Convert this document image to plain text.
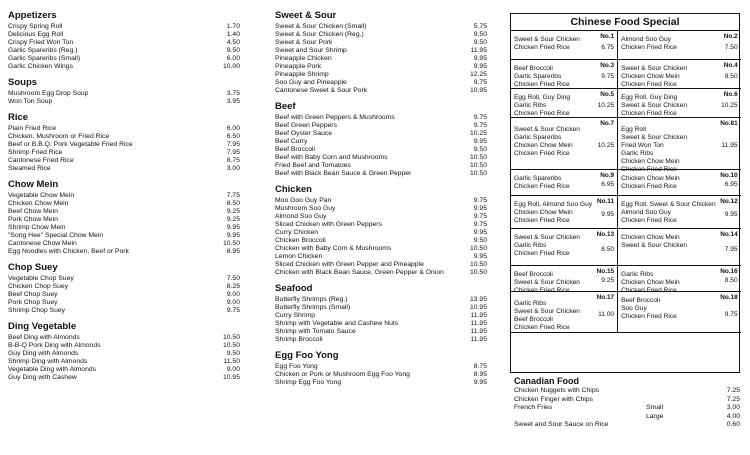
Appetizers
Crispy Spring Roll	1.70
Delicious Egg Roll	1.40
Crispy Fried Won Ton	4.50
Garlic Spareribs (Reg.)	9.50
Garlic Spareribs (Small)	6.00
Garlic Chicken Wings	10.00
Soups
Mushroom Egg Drop Soup	3.75
Won Ton Soup	3.95
Rice
Plain Fried Rice	6.00
Chicken, Mushroom or Fried Rice	6.50
Beef or B.B.Q. Pork Vegetable Fried Rice	7.95
Shrimp Fried Rice	7.95
Cantonese Fried Rice	8.75
Steamed Rice	3.00
Chow Mein
Vegetable Chow Mein	7.75
Chicken Chow Mein	8.50
Beef Chow Mein	9.25
Pork Chow Mein	9.25
Shrimp Chow Mein	9.95
"Song Hee" Special Chow Mein	9.95
Cantonese Chow Mein	10.50
Egg Noodles with Chicken, Beef or Pork	8.95
Chop Suey
Vegetable Chop Suey	7.50
Chicken Chop Suey	8.25
Beef Chop Suey	9.00
Pork Chop Suey	9.00
Shrimp Chop Suey	9.75
Ding Vegetable
Beef Ding with Almonds	10.50
B-B-Q Pork Ding with Almonds	10.50
Guy Ding with Almonds	9.50
Shrimp Ding with Almonds	11.50
Vegetable Ding with Almonds	9.00
Guy Ding with Cashew	10.95
Sweet & Sour
Sweet & Sour Chicken (Small)	5.75
Sweet & Sour Chicken (Reg.)	9.50
Sweet & Sour Pork	9.50
Sweet and Sour Shrimp	11.95
Pineapple Chicken	9.95
Pineapple Pork	9.95
Pineapple Shrimp	12.25
Soo Guy and Pineapple	9.75
Cantonese Sweet & Sour Pork	10.95
Beef
Beef with Green Peppers & Mushrooms	9.75
Beef Green Peppers	9.75
Beef Oyster Sauce	10.25
Beef Curry	9.95
Beef Broccoli	9.50
Beef with Baby Corn and Mushrooms	10.50
Fried Beef and Tomatoes	10.50
Beef with Black Bean Sauce & Green Pepper	10.50
Chicken
Moo Goo Guy Pan	9.75
Mushroom Soo Guy	9.95
Almond Soo Guy	9.75
Sliced Chicken with Green Peppers	9.75
Curry Chicken	9.95
Chicken Broccoli	9.50
Chicken with Baby Corn & Mushrooms	10.50
Lemon Chicken	9.95
Sliced Chicken with Green Pepper and Pineapple	10.50
Chicken with Black Bean Sauce, Green Pepper & Onion	10.50
Seafood
Butterfly Shrimps (Reg.)	13.95
Butterfly Shrimps (Small)	10.95
Curry Shrimp	11.95
Shrimp with Vegetable and Cashew Nuts	11.95
Shrimp with Tomato Sauce	11.95
Shrimp Broccoli	11.95
Egg Foo Yong
Egg Foo Yong	8.75
Chicken or Pork or Mushroom Egg Foo Yong	8.95
Shrimp Egg Foo Yong	9.95
Chinese Food Special
No.1
Sweet & Sour Chicken
Chicken Fried Rice	6.75
No.2
Almond Soo Guy
Chicken Fried Rice	7.50
No.3
Beef Broccoli
Garlic Spareribs
Chicken Fried Rice
9.75
No.4
Sweet & Sour Chicken
Chicken Chow Mein
Chicken Fried Rice
8.50
No.5
Egg Roll, Guy Ding
Garlic Ribs
Chicken Fried Rice
10.25
No.6
Egg Roll, Guy Ding
Sweet & Sour Chicken
Chicken Fried Rice
10.25
No.7
Sweet & Sour Chicken
Garlic Spareribs
Chicken Chow Mein
Chicken Fried Rice
10.25
No.81
Egg Roll
Sweet & Sour Chicken
Fried Won Ton
Garlic Ribs
Chicken Chow Mein
Chicken Fried Rice
11.95
No.9
Garlic Spareribs
Chicken Fried Rice	6.95
No.10
Chicken Chow Mein
Chicken Fried Rice	6.95
No.11
Egg Roll, Almond Soo Guy
Chicken Chow Mein
Chicken Fried Rice
9.95
No.12
Egg Roll, Sweet & Sour Chicken
Almond Soo Guy
Chicken Fried Rice
9.95
No.13
Sweet & Sour Chicken
Garlic Ribs
Chicken Fried Rice
8.50
No.14
Chicken Chow Mein
Sweet & Sour Chicken
7.95
No.15
Beef Broccoli
Sweet & Sour Chicken
Chicken Fried Rice
9.25
No.16
Garlic Ribs
Chicken Chow Mein
Chicken Fried Rice
8.50
No.17
Garlic Ribs
Sweet & Sour Chicken
Beef Broccoli
Chicken Fried Rice
11.00
No.18
Beef Broccoli
Soo Guy
Chicken Fried Rice	9.75
Canadian Food
Chicken Nuggets with Chips	7.25
Chicken Finger with Chips	7.25
French Fries	Small	3.00
Large	4.00
Sweet and Sour Sauce on Rice	0.60
